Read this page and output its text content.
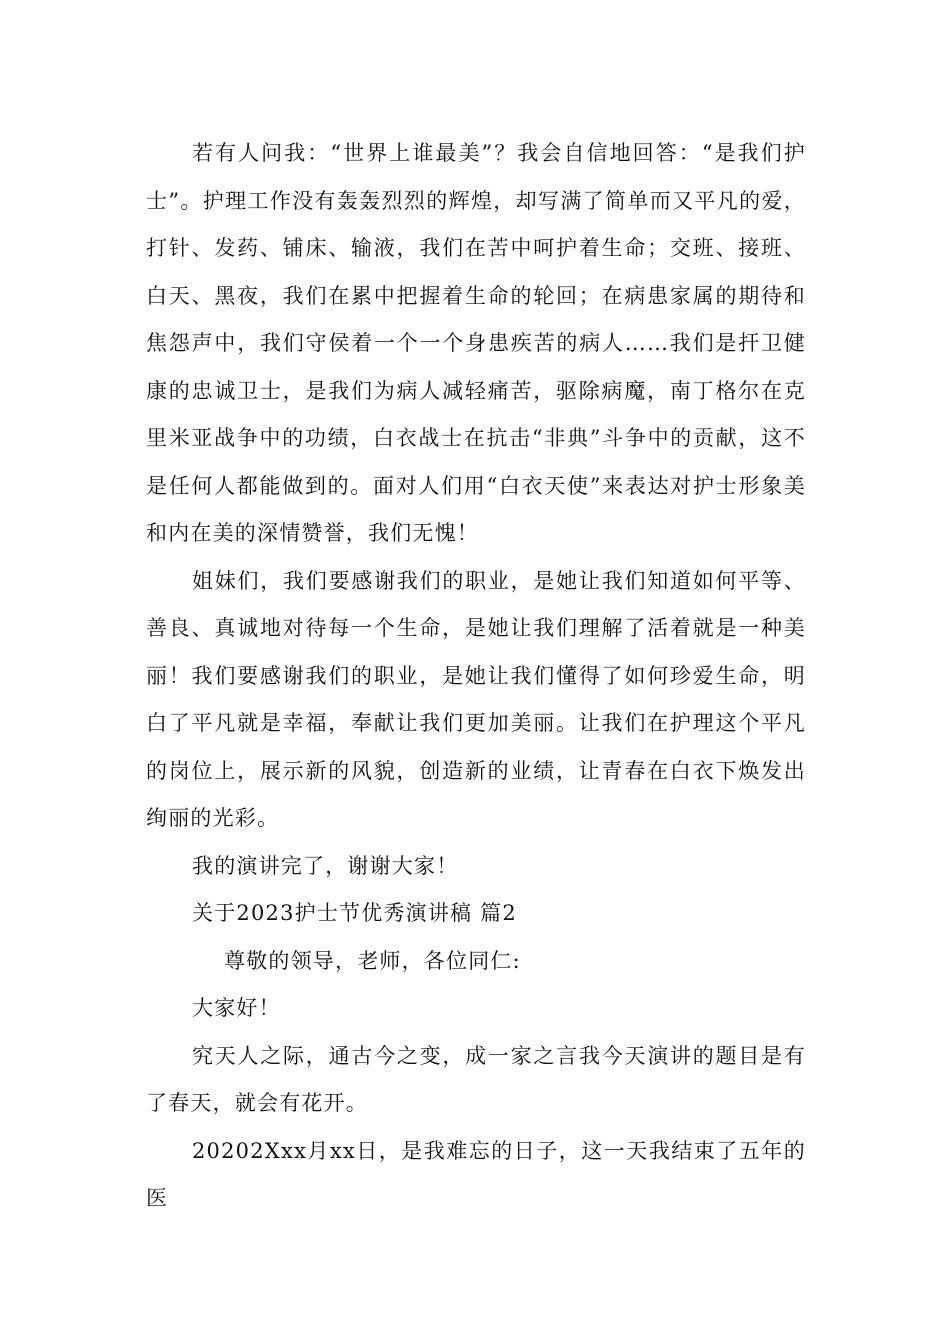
若有人问我：“世界上谁最美”？我会自信地回答：“是我们护士”。护理工作没有轰轰烈烈的辉煌，却写满了简单而又平凡的爱，打针、发药、铺床、输液，我们在苦中呵护着生命；交班、接班、白天、黑夜，我们在累中把握着生命的轮回；在病患家属的期待和焦怨声中，我们守侯着一个一个身患疾苦的病人……我们是扞卫健康的忠诚卫士，是我们为病人减轻痛苦，驱除病魔，南丁格尔在克里米亚战争中的功绩，白衣战士在抗击“非典”斗争中的贡献，这不是任何人都能做到的。面对人们用“白衣天使”来表达对护士形象美和内在美的深情赞誉，我们无愧！

姐妹们，我们要感谢我们的职业，是她让我们知道如何平等、善良、真诚地对待每一个生命，是她让我们理解了活着就是一种美丽！我们要感谢我们的职业，是她让我们懂得了如何珍爱生命，明白了平凡就是幸福，奉献让我们更加美丽。让我们在护理这个平凡的岗位上，展示新的风貌，创造新的业绩，让青春在白衣下焕发出绚丽的光彩。

我的演讲完了，谢谢大家！

关于2023护士节优秀演讲稿 篇2

尊敬的领导，老师，各位同仁:

大家好！

究天人之际，通古今之变，成一家之言我今天演讲的题目是有了春天，就会有花开。

20202Xxx月xx日，是我难忘的日子，这一天我结束了五年的医
